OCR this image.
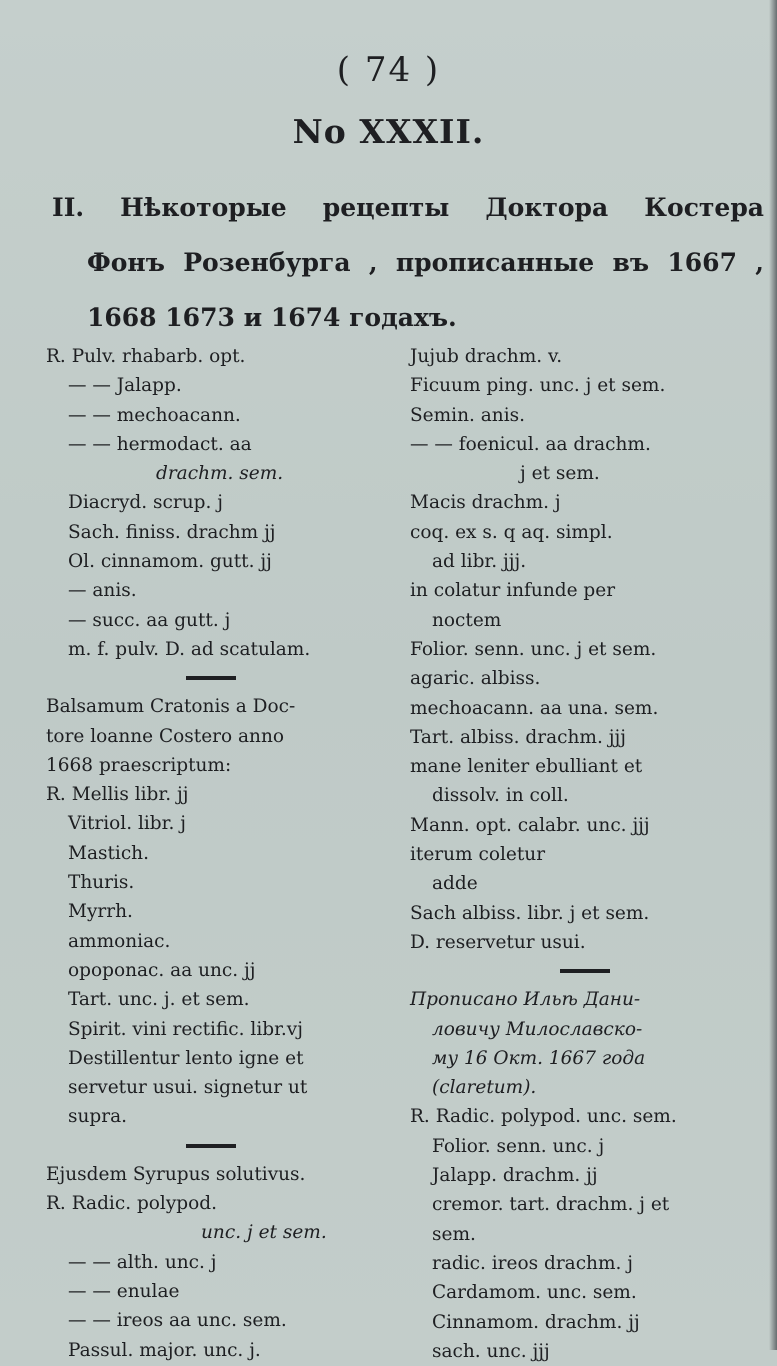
( 74 )
No XXXII.
II. Нѣкоторые рецепты Доктора Костера
Фонъ Розенбурга , прописанные въ 1667 ,
1668 1673 и 1674 годахъ.
R. Pulv. rhabarb. opt.
— — Jalapp.
— — mechoacann.
— — hermodact. aa
drachm. sem.
Diacryd. scrup. j
Sach. finiss. drachm jj
Ol. cinnamom. gutt. jj
— anis.
— succ. aa gutt. j
m. f. pulv. D. ad scatulam.
Balsamum Cratonis a Doc-
tore loanne Costero anno
1668 praescriptum:
R. Mellis libr. jj
Vitriol. libr. j
Mastich.
Thuris.
Myrrh.
ammoniac.
opoponac. aa unc. jj
Tart. unc. j. et sem.
Spirit. vini rectific. libr.vj
Destillentur lento igne et
servetur usui. signetur ut
supra.
Ejusdem Syrupus solutivus.
R. Radic. polypod.
unc. j et sem.
— — alth. unc. j
— — enulae
— — ireos aa unc. sem.
Passul. major. unc. j.
Jujub drachm. v.
Ficuum ping. unc. j et sem.
Semin. anis.
— — foenicul. aa drachm.
j et sem.
Macis drachm. j
coq. ex s. q aq. simpl.
ad libr. jjj.
in colatur infunde per
noctem
Folior. senn. unc. j et sem.
agaric. albiss.
mechoacann. aa una. sem.
Tart. albiss. drachm. jjj
mane leniter ebulliant et
dissolv. in coll.
Mann. opt. calabr. unc. jjj
iterum coletur
adde
Sach albiss. libr. j et sem.
D. reservetur usui.
Прописано Ильѣ Дани-
ловичу Милославско-
му 16 Окт. 1667 года
(claretum).
R. Radic. polypod. unc. sem.
Folior. senn. unc. j
Jalapp. drachm. jj
cremor. tart. drachm. j et
sem.
radic. ireos drachm. j
Cardamom. unc. sem.
Cinnamom. drachm. jj
sach. unc. jjj
